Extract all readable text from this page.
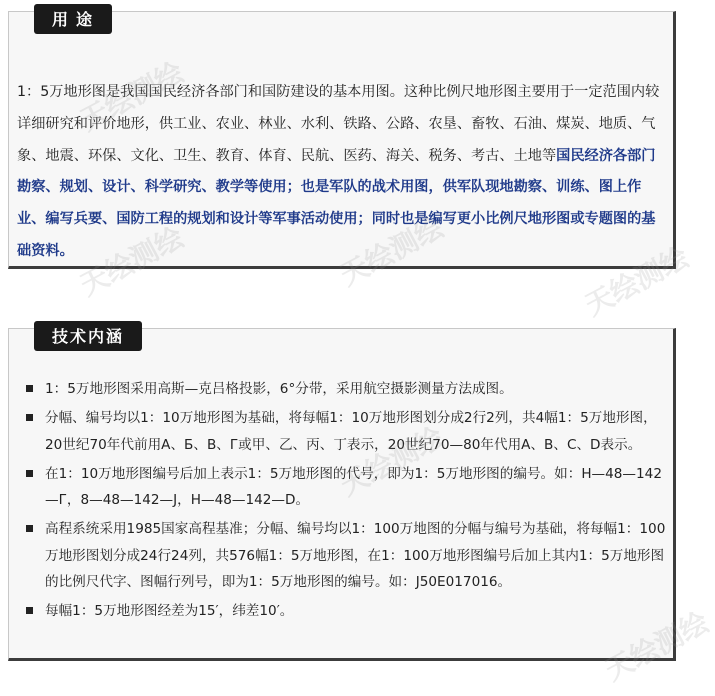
用途

1：5万地形图是我国国民经济各部门和国防建设的基本用图。这种比例尺地形图主要用于一定范围内较详细研究和评价地形，供工业、农业、林业、水利、铁路、公路、农垦、畜牧、石油、煤炭、地质、气象、地震、环保、文化、卫生、教育、体育、民航、医药、海关、税务、考古、土地等国民经济各部门勘察、规划、设计、科学研究、教学等使用；也是军队的战术用图，供军队现地勘察、训练、图上作业、编写兵要、国防工程的规划和设计等军事活动使用；同时也是编写更小比例尺地形图或专题图的基础资料。

技术内涵
1：5万地形图采用高斯—克吕格投影，6°分带，采用航空摄影测量方法成图。
分幅、编号均以1：10万地形图为基础，将每幅1：10万地形图划分成2行2列，共4幅1：5万地形图，20世纪70年代前用А、Б、В、Г或甲、乙、丙、丁表示，20世纪70—80年代用A、B、C、D表示。
在1：10万地形图编号后加上表示1：5万地形图的代号，即为1：5万地形图的编号。如：H—48—142—Г，8—48—142—J，H—48—142—D。
高程系统采用1985国家高程基准；分幅、编号均以1：100万地图的分幅与编号为基础，将每幅1：100万地形图划分成24行24列，共576幅1：5万地形图，在1：100万地形图编号后加上其内1：5万地形图的比例尺代字、图幅行列号，即为1：5万地形图的编号。如：J50E017016。
每幅1：5万地形图经差为15′，纬差10′。
天绘测绘
